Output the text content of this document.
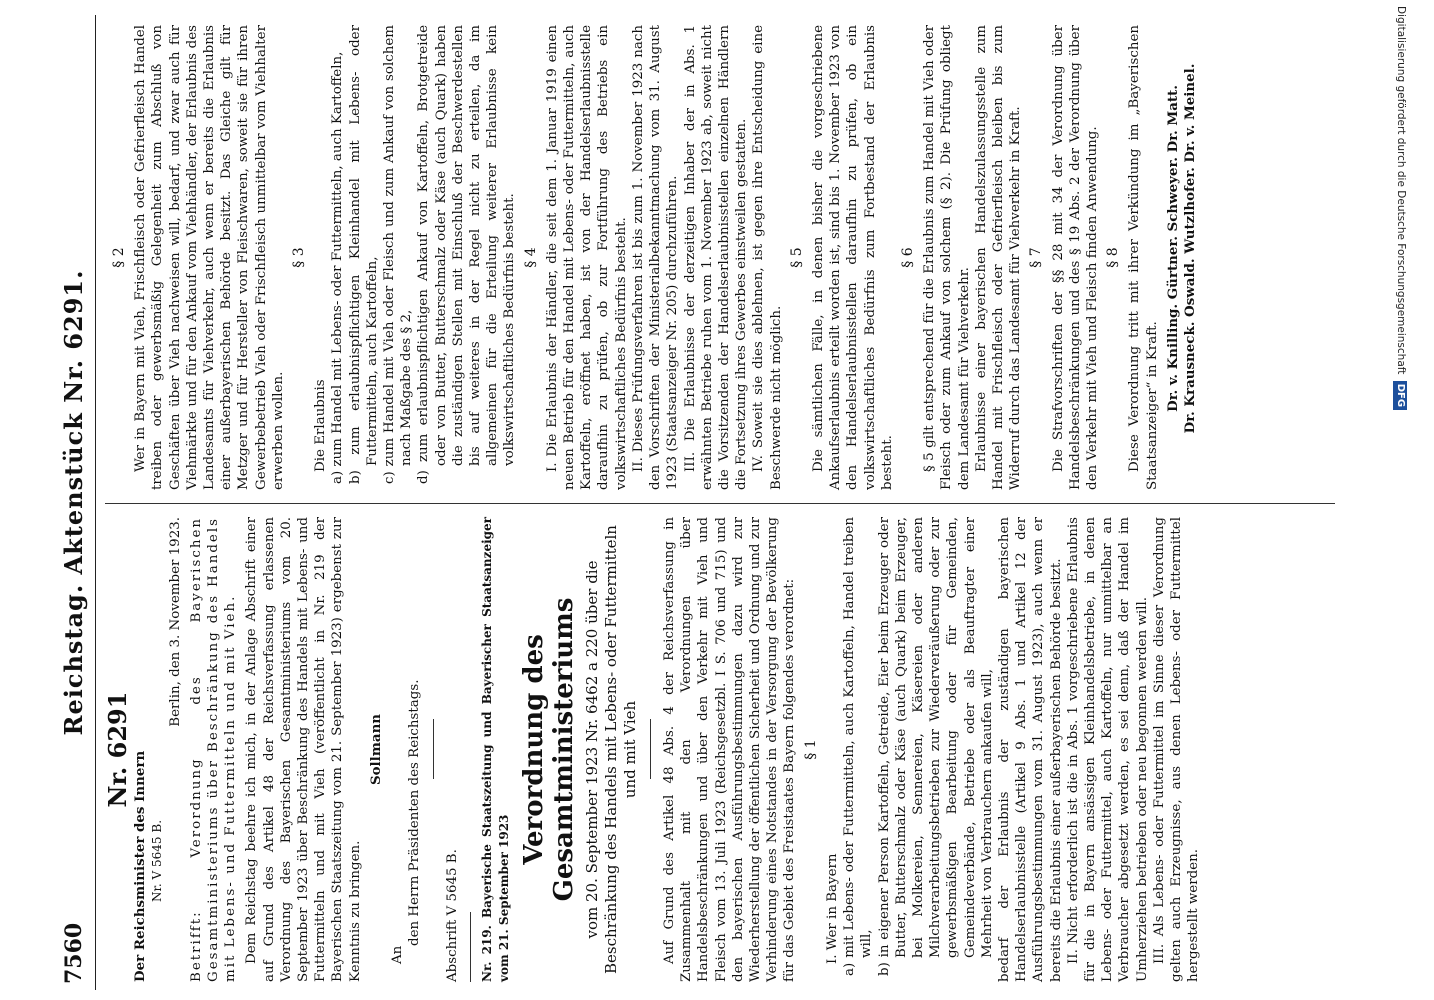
7560
Reichstag. Aktenstück Nr. 6291.
Nr. 6291

Der Reichsminister des Innern Nr. V 5645 B.

Berlin, den 3. November 1923. Betrifft: Verordnung des Bayerischen Gesamtministeriums über Beschränkung des Handels mit Lebens- und Futtermitteln und mit Vieh. Dem Reichstag beehre ich mich, in der Anlage Abschrift einer auf Grund des Artikel 48 der Reichsverfassung erlassenen Verordnung des Bayerischen Gesamtministeriums vom 20. September 1923 über Beschränkung des Handels mit Lebens- und Futtermitteln und mit Vieh (veröffentlicht in Nr. 219 der Bayerischen Staatszeitung vom 21. September 1923) ergebenst zur Kenntnis zu bringen.

Sollmann

An

den Herrn Präsidenten des Reichstags. Abschrift V 5645 B. Nr. 219. Bayerische Staatszeitung und Bayerischer Staatsanzeiger vom 21. September 1923

Verordnung des Gesamtministeriums vom 20. September 1923 Nr. 6462 a 220 über die Beschränkung des Handels mit Lebens- oder Futtermitteln und mit Vieh Auf Grund des Artikel 48 Abs. 4 der Reichsverfassung in Zusammenhalt mit den Verordnungen über Handelsbeschränkungen und über den Verkehr mit Vieh und Fleisch vom 13. Juli 1923 (Reichsgesetzbl. I S. 706 und 715) und den bayerischen Ausführungsbestimmungen dazu wird zur Wiederherstellung der öffentlichen Sicherheit und Ordnung und zur Verhinderung eines Notstandes in der Versorgung der Bevölkerung für das Gebiet des Freistaates Bayern folgendes verordnet: § 1

I. Wer in Bayern a) mit Lebens- oder Futtermitteln, auch Kartoffeln, Handel treiben will, b) in eigener Person Kartoffeln, Getreide, Eier beim Erzeuger oder Butter, Butterschmalz oder Käse (auch Quark) beim Erzeuger, bei Molkereien, Sennereien, Käsereien oder anderen Milchverarbeitungsbetrieben zur Wiederveräußerung oder zur gewerbsmäßigen Bearbeitung oder für Gemeinden, Gemeindeverbände, Betriebe oder als Beauftragter einer Mehrheit von Verbrauchern ankaufen will, bedarf der Erlaubnis der zuständigen bayerischen Handelserlaubnisstelle (Artikel 9 Abs. 1 und Artikel 12 der Ausführungsbestimmungen vom 31. August 1923), auch wenn er bereits die Erlaubnis einer außerbayerischen Behörde besitzt. II. Nicht erforderlich ist die in Abs. 1 vorgeschriebene Erlaubnis für die in Bayern ansässigen Kleinhandelsbetriebe, in denen Lebens- oder Futtermittel, auch Kartoffeln, nur unmittelbar an Verbraucher abgesetzt werden, es sei denn, daß der Handel im Umherziehen betrieben oder neu begonnen werden will. III. Als Lebens- oder Futtermittel im Sinne dieser Verordnung gelten auch Erzeugnisse, aus denen Lebens- oder Futtermittel hergestellt werden.

§ 2 Wer in Bayern mit Vieh, Frischfleisch oder Gefrierfleisch Handel treiben oder gewerbsmäßig Gelegenheit zum Abschluß von Geschäften über Vieh nachweisen will, bedarf, und zwar auch für Viehmärkte und für den Ankauf vom Viehhändler, der Erlaubnis des Landesamts für Viehverkehr, auch wenn er bereits die Erlaubnis einer außerbayerischen Behörde besitzt. Das Gleiche gilt für Metzger und für Hersteller von Fleischwaren, soweit sie für ihren Gewerbebetrieb Vieh oder Frischfleisch unmittelbar vom Viehhalter erwerben wollen.

§ 3

Die Erlaubnis a) zum Handel mit Lebens- oder Futtermitteln, auch Kartoffeln, b) zum erlaubnispflichtigen Kleinhandel mit Lebens- oder Futtermitteln, auch Kartoffeln, c) zum Handel mit Vieh oder Fleisch und zum Ankauf von solchem nach Maßgabe des § 2, d) zum erlaubnispflichtigen Ankauf von Kartoffeln, Brotgetreide oder von Butter, Butterschmalz oder Käse (auch Quark) haben die zuständigen Stellen mit Einschluß der Beschwerdestellen bis auf weiteres in der Regel nicht zu erteilen, da im allgemeinen für die Erteilung weiterer Erlaubnisse kein volkswirtschaftliches Bedürfnis besteht. § 4 I. Die Erlaubnis der Händler, die seit dem 1. Januar 1919 einen neuen Betrieb für den Handel mit Lebens- oder Futtermitteln, auch Kartoffeln, eröffnet haben, ist von der Handelserlaubnisstelle daraufhin zu prüfen, ob zur Fortführung des Betriebs ein volkswirtschaftliches Bedürfnis besteht. II. Dieses Prüfungsverfahren ist bis zum 1. November 1923 nach den Vorschriften der Ministerialbekanntmachung vom 31. August 1923 (Staatsanzeiger Nr. 205) durchzuführen. III. Die Erlaubnisse der derzeitigen Inhaber der in Abs. 1 erwähnten Betriebe ruhen vom 1. November 1923 ab, soweit nicht die Vorsitzenden der Handelserlaubnisstellen einzelnen Händlern die Fortsetzung ihres Gewerbes einstweilen gestatten. IV. Soweit sie dies ablehnen, ist gegen ihre Entscheidung eine Beschwerde nicht möglich.

§ 5 Die sämtlichen Fälle, in denen bisher die vorgeschriebene Ankaufserlaubnis erteilt worden ist, sind bis 1. November 1923 von den Handelserlaubnisstellen daraufhin zu prüfen, ob ein volkswirtschaftliches Bedürfnis zum Fortbestand der Erlaubnis besteht.

§ 6 § 5 gilt entsprechend für die Erlaubnis zum Handel mit Vieh oder Fleisch oder zum Ankauf von solchem (§ 2). Die Prüfung obliegt dem Landesamt für Viehverkehr. Erlaubnisse einer bayerischen Handelszulassungsstelle zum Handel mit Frischfleisch oder Gefrierfleisch bleiben bis zum Widerruf durch das Landesamt für Viehverkehr in Kraft. § 7 Die Strafvorschriften der §§ 28 mit 34 der Verordnung über Handelsbeschränkungen und des § 19 Abs. 2 der Verordnung über den Verkehr mit Vieh und Fleisch finden Anwendung. § 8 Diese Verordnung tritt mit ihrer Verkündung im „Bayerischen Staatsanzeiger“ in Kraft. Dr. v. Knilling. Gürtner. Schweyer. Dr. Matt. Dr. Krausneck. Oswald. Wutzlhofer. Dr. v. Meinel.	Digitalisierung gefördert durch die Deutsche Forschungsgemeinschaft DFG
